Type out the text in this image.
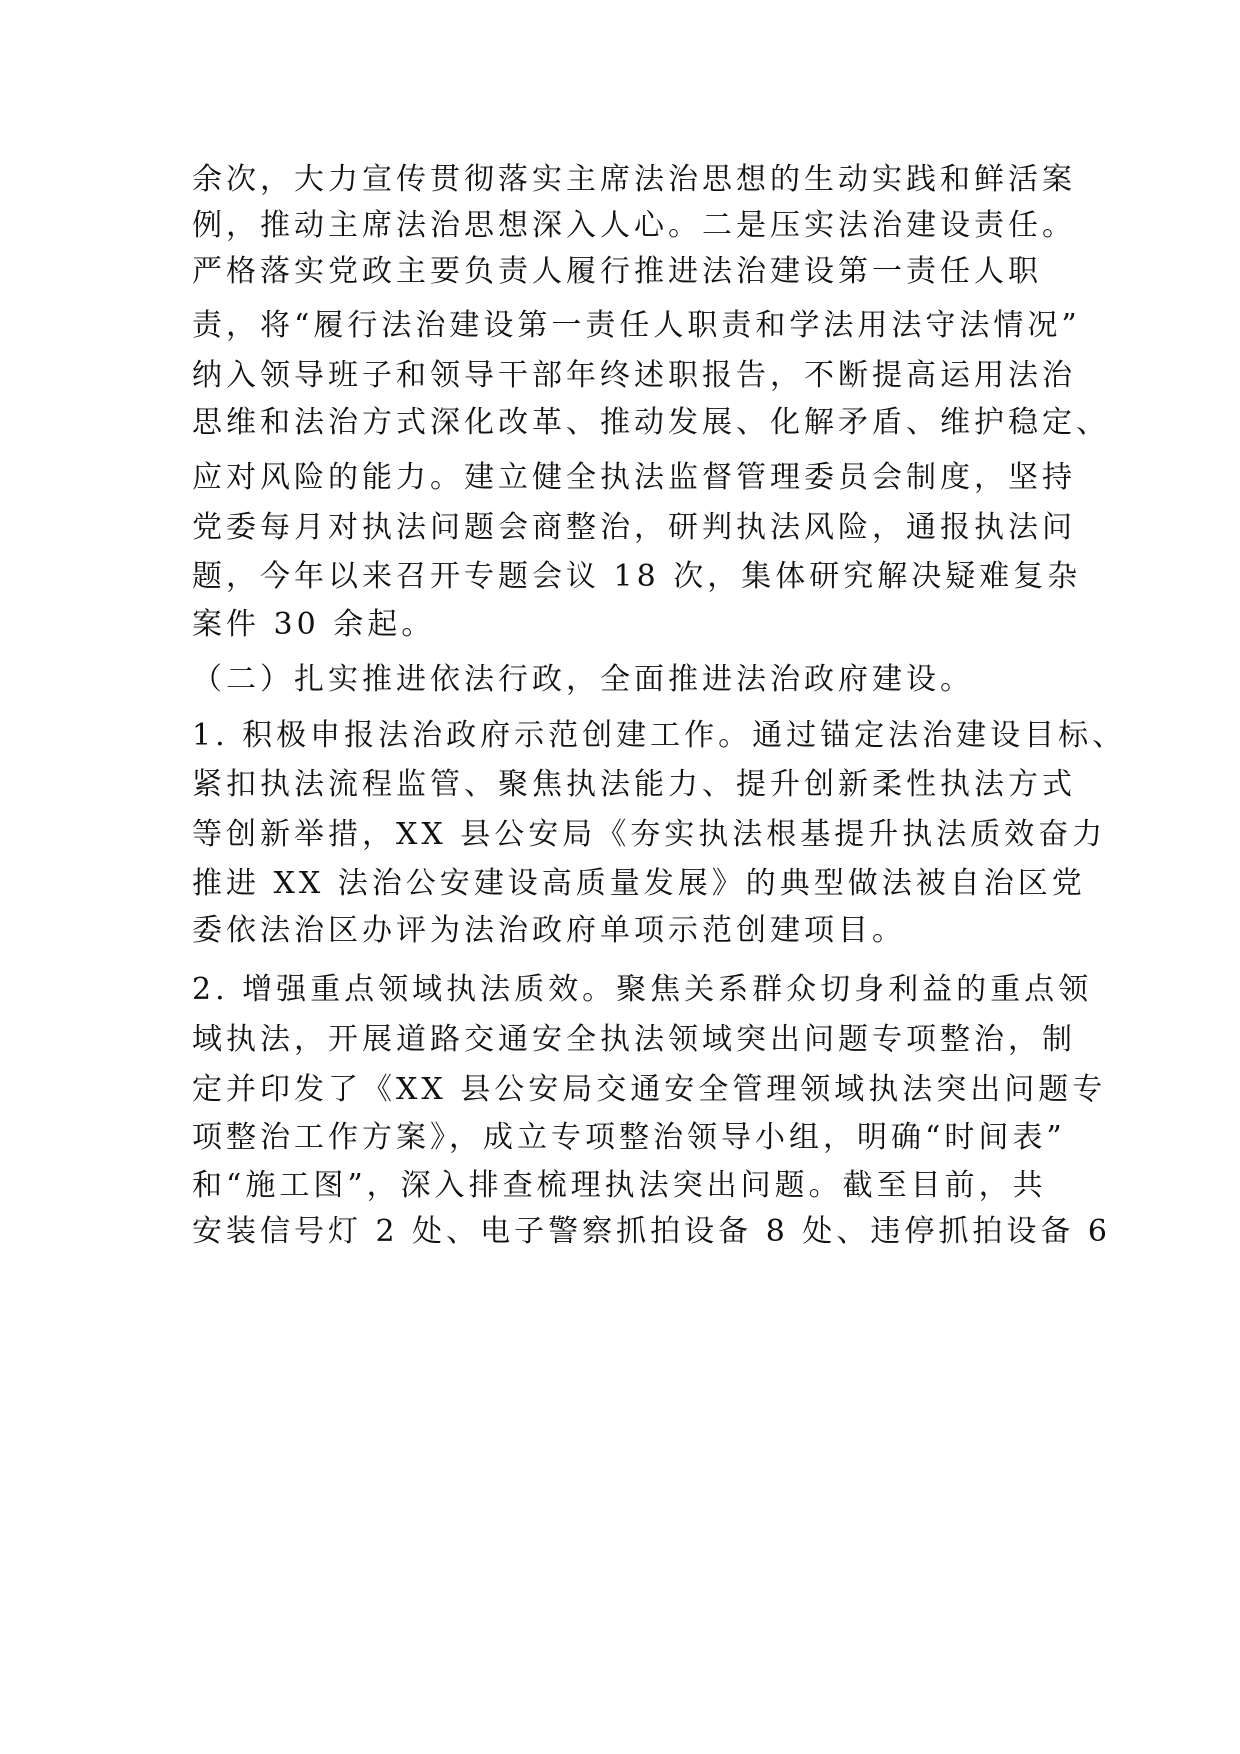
余次，大力宣传贯彻落实主席法治思想的生动实践和鲜活案
例，推动主席法治思想深入人心。二是压实法治建设责任。
严格落实党政主要负责人履行推进法治建设第一责任人职
责，将“履行法治建设第一责任人职责和学法用法守法情况”
纳入领导班子和领导干部年终述职报告，不断提高运用法治
思维和法治方式深化改革、推动发展、化解矛盾、维护稳定、
应对风险的能力。建立健全执法监督管理委员会制度，坚持
党委每月对执法问题会商整治，研判执法风险，通报执法问
题，今年以来召开专题会议 18 次，集体研究解决疑难复杂
案件 30 余起。
（二）扎实推进依法行政，全面推进法治政府建设。
1. 积极申报法治政府示范创建工作。通过锚定法治建设目标、
紧扣执法流程监管、聚焦执法能力、提升创新柔性执法方式
等创新举措，XX 县公安局《夯实执法根基提升执法质效奋力
推进 XX 法治公安建设高质量发展》的典型做法被自治区党
委依法治区办评为法治政府单项示范创建项目。
2. 增强重点领域执法质效。聚焦关系群众切身利益的重点领
域执法，开展道路交通安全执法领域突出问题专项整治，制
定并印发了《XX 县公安局交通安全管理领域执法突出问题专
项整治工作方案》，成立专项整治领导小组，明确“时间表”
和“施工图”，深入排查梳理执法突出问题。截至目前，共
安装信号灯 2 处、电子警察抓拍设备 8 处、违停抓拍设备 6
